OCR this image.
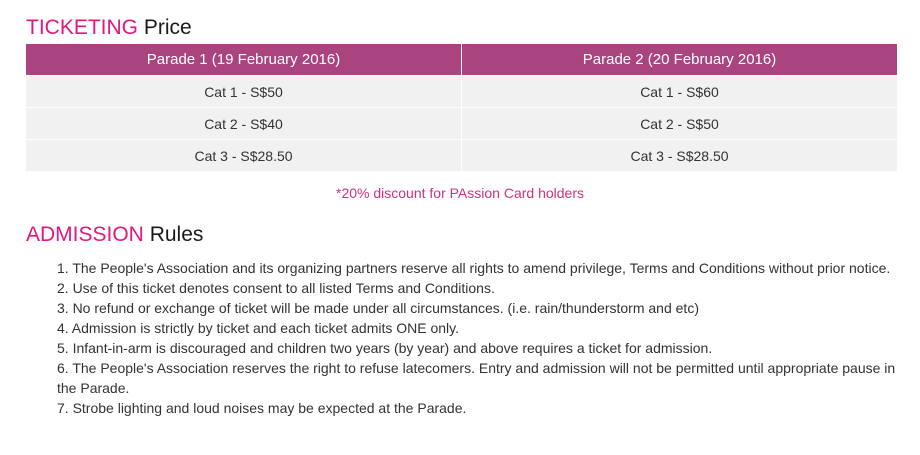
TICKETING Price
Parade 1 (19 February 2016)	Parade 2 (20 February 2016)
Cat 1 - S$50	Cat 1 - S$60
Cat 2 - S$40	Cat 2 - S$50
Cat 3 - S$28.50	Cat 3 - S$28.50
*20% discount for PAssion Card holders
ADMISSION Rules
1. The People's Association and its organizing partners reserve all rights to amend privilege, Terms and Conditions without prior notice.
2. Use of this ticket denotes consent to all listed Terms and Conditions.
3. No refund or exchange of ticket will be made under all circumstances. (i.e. rain/thunderstorm and etc)
4. Admission is strictly by ticket and each ticket admits ONE only.
5. Infant-in-arm is discouraged and children two years (by year) and above requires a ticket for admission.
6. The People's Association reserves the right to refuse latecomers. Entry and admission will not be permitted until appropriate pause in the Parade.
7. Strobe lighting and loud noises may be expected at the Parade.
